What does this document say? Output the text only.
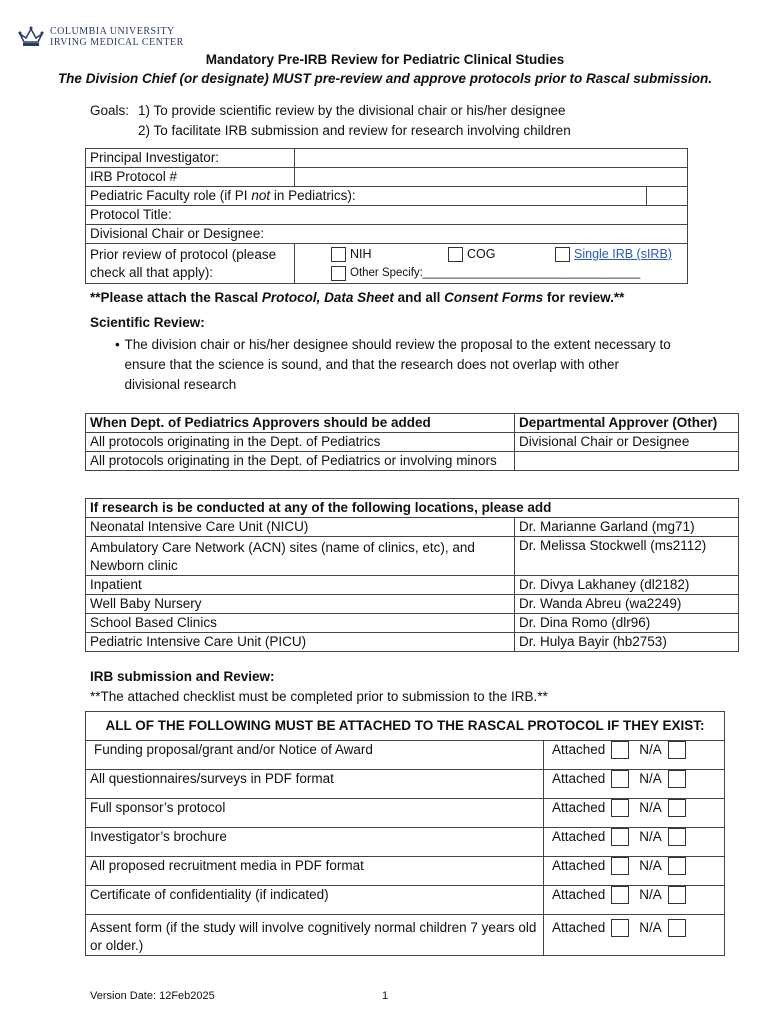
COLUMBIA UNIVERSITY
IRVING MEDICAL CENTER
Mandatory Pre-IRB Review for Pediatric Clinical Studies
The Division Chief (or designate) MUST pre-review and approve protocols prior to Rascal submission.
Goals: 1) To provide scientific review by the divisional chair or his/her designee
2) To facilitate IRB submission and review for research involving children
Principal Investigator:		
IRB Protocol #		
Pediatric Faculty role (if PI not in Pediatrics):		
Protocol Title:		
Divisional Chair or Designee:		
Prior review of protocol (please check all that apply):	NIH COG Single IRB (sIRB)
Other Specify:__________________________________	
**Please attach the Rascal Protocol, Data Sheet and all Consent Forms for review.**
Scientific Review:
• The division chair or his/her designee should review the proposal to the extent necessary to ensure that the science is sound, and that the research does not overlap with other divisional research
When Dept. of Pediatrics Approvers should be added	Departmental Approver (Other)
All protocols originating in the Dept. of Pediatrics	Divisional Chair or Designee
All protocols originating in the Dept. of Pediatrics or involving minors	
If research is be conducted at any of the following locations, please add	
Neonatal Intensive Care Unit (NICU)	Dr. Marianne Garland (mg71)
Ambulatory Care Network (ACN) sites (name of clinics, etc), and Newborn clinic	Dr. Melissa Stockwell (ms2112)
Inpatient	Dr. Divya Lakhaney (dl2182)
Well Baby Nursery	Dr. Wanda Abreu (wa2249)
School Based Clinics	Dr. Dina Romo (dlr96)
Pediatric Intensive Care Unit (PICU)	Dr. Hulya Bayir (hb2753)
IRB submission and Review:
**The attached checklist must be completed prior to submission to the IRB.**
ALL OF THE FOLLOWING MUST BE ATTACHED TO THE RASCAL PROTOCOL IF THEY EXIST:	
Funding proposal/grant and/or Notice of Award	Attached N/A
All questionnaires/surveys in PDF format	Attached N/A
Full sponsor’s protocol	Attached N/A
Investigator’s brochure	Attached N/A
All proposed recruitment media in PDF format	Attached N/A
Certificate of confidentiality (if indicated)	Attached N/A
Assent form (if the study will involve cognitively normal children 7 years old or older.)	Attached N/A
Version Date: 12Feb2025	1
